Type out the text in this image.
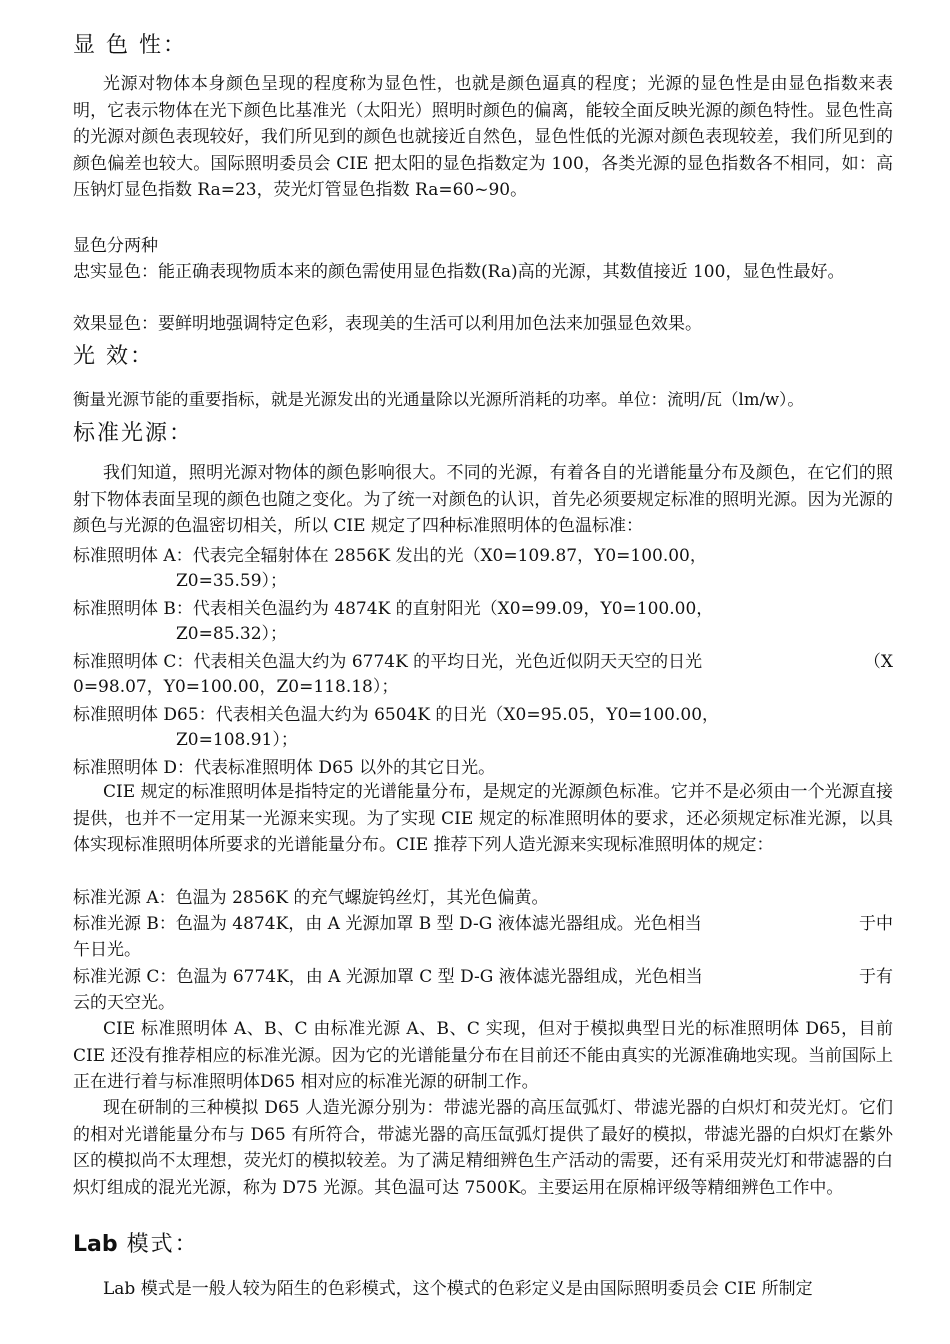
显 色 性：

光源对物体本身颜色呈现的程度称为显色性，也就是颜色逼真的程度；光源的显色性是由显色指数来表明，它表示物体在光下颜色比基准光（太阳光）照明时颜色的偏离，能较全面反映光源的颜色特性。显色性高的光源对颜色表现较好，我们所见到的颜色也就接近自然色，显色性低的光源对颜色表现较差，我们所见到的颜色偏差也较大。国际照明委员会 CIE 把太阳的显色指数定为 100，各类光源的显色指数各不相同，如：高压钠灯显色指数 Ra=23，荧光灯管显色指数 Ra=60~90。

显色分两种

忠实显色：能正确表现物质本来的颜色需使用显色指数(Ra)高的光源，其数值接近 100，显色性最好。

效果显色：要鲜明地强调特定色彩，表现美的生活可以利用加色法来加强显色效果。

光 效：

衡量光源节能的重要指标，就是光源发出的光通量除以光源所消耗的功率。单位：流明/瓦（lm/w）。

标准光源：

我们知道，照明光源对物体的颜色影响很大。不同的光源，有着各自的光谱能量分布及颜色，在它们的照射下物体表面呈现的颜色也随之变化。为了统一对颜色的认识，首先必须要规定标准的照明光源。因为光源的颜色与光源的色温密切相关，所以 CIE 规定了四种标准照明体的色温标准：

标准照明体 A：代表完全辐射体在 2856K 发出的光（X0=109.87，Y0=100.00，

Z0=35.59）；

标准照明体 B：代表相关色温约为 4874K 的直射阳光（X0=99.09，Y0=100.00，

Z0=85.32）；

标准照明体 C：代表相关色温大约为 6774K 的平均日光，光色近似阴天天空的日光	（X

0=98.07，Y0=100.00，Z0=118.18）；

标准照明体 D65：代表相关色温大约为 6504K 的日光（X0=95.05，Y0=100.00，

Z0=108.91）；

标准照明体 D：代表标准照明体 D65 以外的其它日光。

CIE 规定的标准照明体是指特定的光谱能量分布，是规定的光源颜色标准。它并不是必须由一个光源直接提供，也并不一定用某一光源来实现。为了实现 CIE 规定的标准照明体的要求，还必须规定标准光源，以具体实现标准照明体所要求的光谱能量分布。CIE 推荐下列人造光源来实现标准照明体的规定：

标准光源 A：色温为 2856K 的充气螺旋钨丝灯，其光色偏黄。

标准光源 B：色温为 4874K，由 A 光源加罩 B 型 D-G 液体滤光器组成。光色相当	于中

午日光。

标准光源 C：色温为 6774K，由 A 光源加罩 C 型 D-G 液体滤光器组成，光色相当	于有

云的天空光。

CIE 标准照明体 A、B、C 由标准光源 A、B、C 实现，但对于模拟典型日光的标准照明体 D65，目前 CIE 还没有推荐相应的标准光源。因为它的光谱能量分布在目前还不能由真实的光源准确地实现。当前国际上正在进行着与标准照明体D65 相对应的标准光源的研制工作。

现在研制的三种模拟 D65 人造光源分别为：带滤光器的高压氙弧灯、带滤光器的白炽灯和荧光灯。它们的相对光谱能量分布与 D65 有所符合，带滤光器的高压氙弧灯提供了最好的模拟，带滤光器的白炽灯在紫外区的模拟尚不太理想，荧光灯的模拟较差。为了满足精细辨色生产活动的需要，还有采用荧光灯和带滤器的白炽灯组成的混光光源，称为 D75 光源。其色温可达 7500K。主要运用在原棉评级等精细辨色工作中。

Lab 模式：

Lab 模式是一般人较为陌生的色彩模式，这个模式的色彩定义是由国际照明委员会 CIE 所制定
